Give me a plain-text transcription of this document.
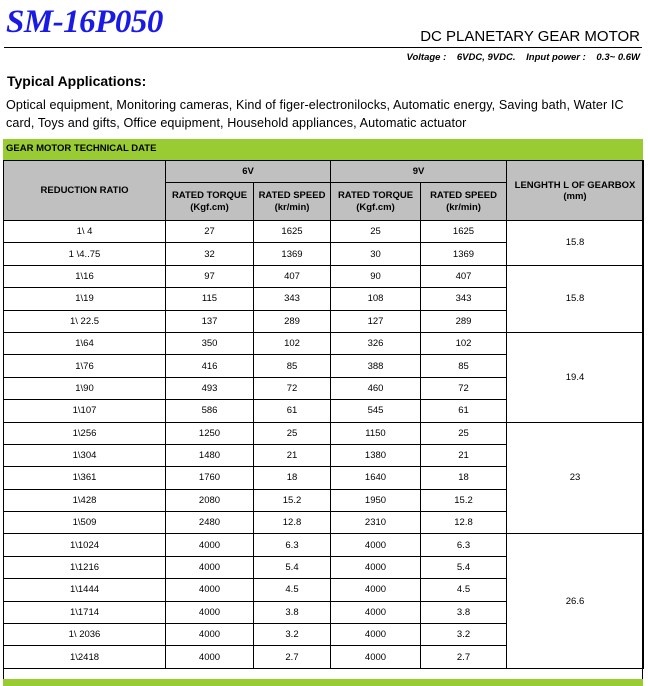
SM-16P050	DC PLANETARY GEAR MOTOR
Voltage : 6VDC, 9VDC. Input power : 0.3~ 0.6W
Typical Applications:
Optical equipment, Monitoring cameras, Kind of figer-electronilocks, Automatic energy, Saving bath, Water IC card, Toys and gifts, Office equipment, Household appliances, Automatic actuator
GEAR MOTOR TECHNICAL DATE
REDUCTION RATIO	6V		9V		LENGHTH L OF GEARBOX (mm)
	RATED TORQUE
(Kgf.cm)	RATED SPEED
(kr/min)	RATED TORQUE
(Kgf.cm)	RATED SPEED
(kr/min)	
1\ 4	27	1625	25	1625	15.8
1 \4..75	32	1369	30	1369	
1\16	97	407	90	407	15.8
1\19	115	343	108	343	
1\ 22.5	137	289	127	289	
1\64	350	102	326	102	19.4
1\76	416	85	388	85	
1\90	493	72	460	72	
1\107	586	61	545	61	
1\256	1250	25	1150	25	23
1\304	1480	21	1380	21	
1\361	1760	18	1640	18	
1\428	2080	15.2	1950	15.2	
1\509	2480	12.8	2310	12.8	
1\1024	4000	6.3	4000	6.3	26.6
1\1216	4000	5.4	4000	5.4	
1\1444	4000	4.5	4000	4.5	
1\1714	4000	3.8	4000	3.8	
1\ 2036	4000	3.2	4000	3.2	
1\2418	4000	2.7	4000	2.7	
